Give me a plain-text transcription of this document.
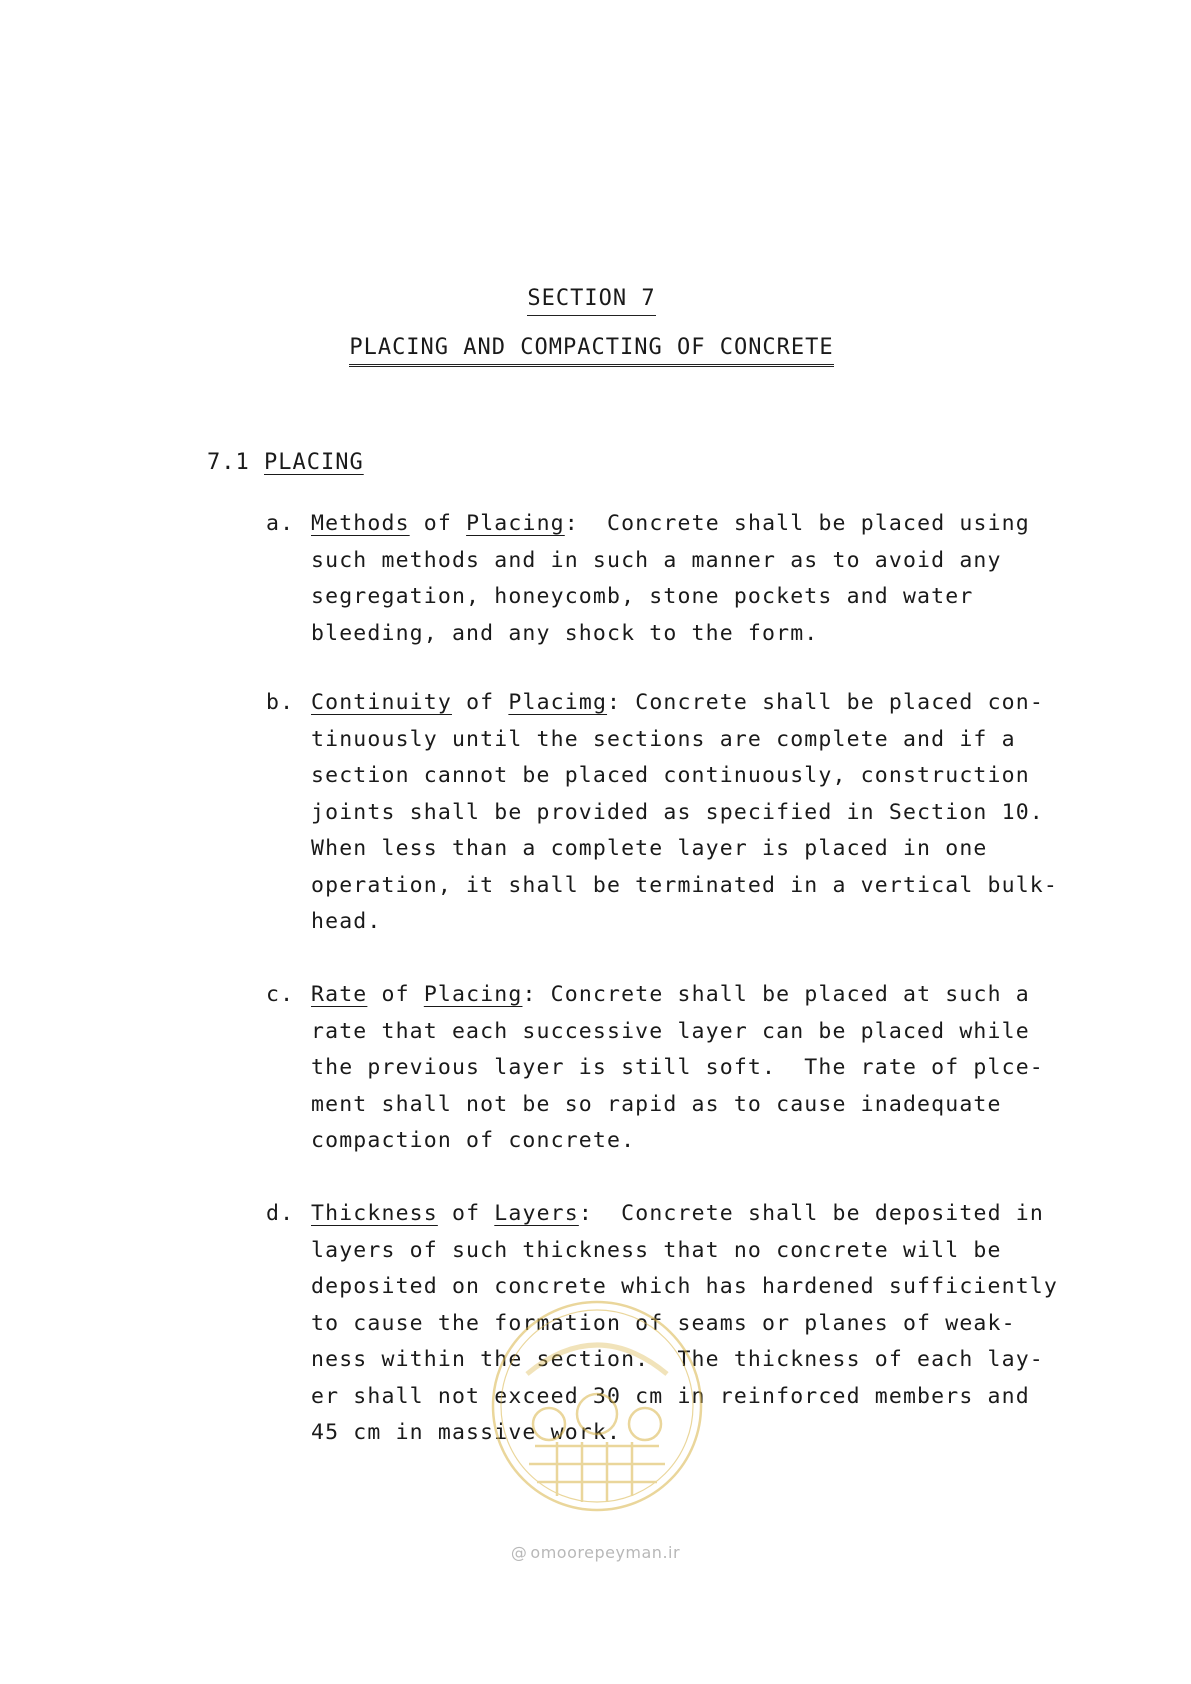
SECTION 7
PLACING AND COMPACTING OF CONCRETE
7.1 PLACING
a. Methods of Placing:  Concrete shall be placed using
such methods and in such a manner as to avoid any
segregation, honeycomb, stone pockets and water
bleeding, and any shock to the form.
b. Continuity of Placimg: Concrete shall be placed con-
tinuously until the sections are complete and if a
section cannot be placed continuously, construction
joints shall be provided as specified in Section 10.
When less than a complete layer is placed in one
operation, it shall be terminated in a vertical bulk-
head.
c. Rate of Placing: Concrete shall be placed at such a
rate that each successive layer can be placed while
the previous layer is still soft.  The rate of plce-
ment shall not be so rapid as to cause inadequate
compaction of concrete.
d. Thickness of Layers:  Concrete shall be deposited in
layers of such thickness that no concrete will be
deposited on concrete which has hardened sufficiently
to cause the formation of seams or planes of weak-
ness within the section.  The thickness of each lay-
er shall not exceed 30 cm in reinforced members and
45 cm in massive work.
@ omoorepeyman.ir
